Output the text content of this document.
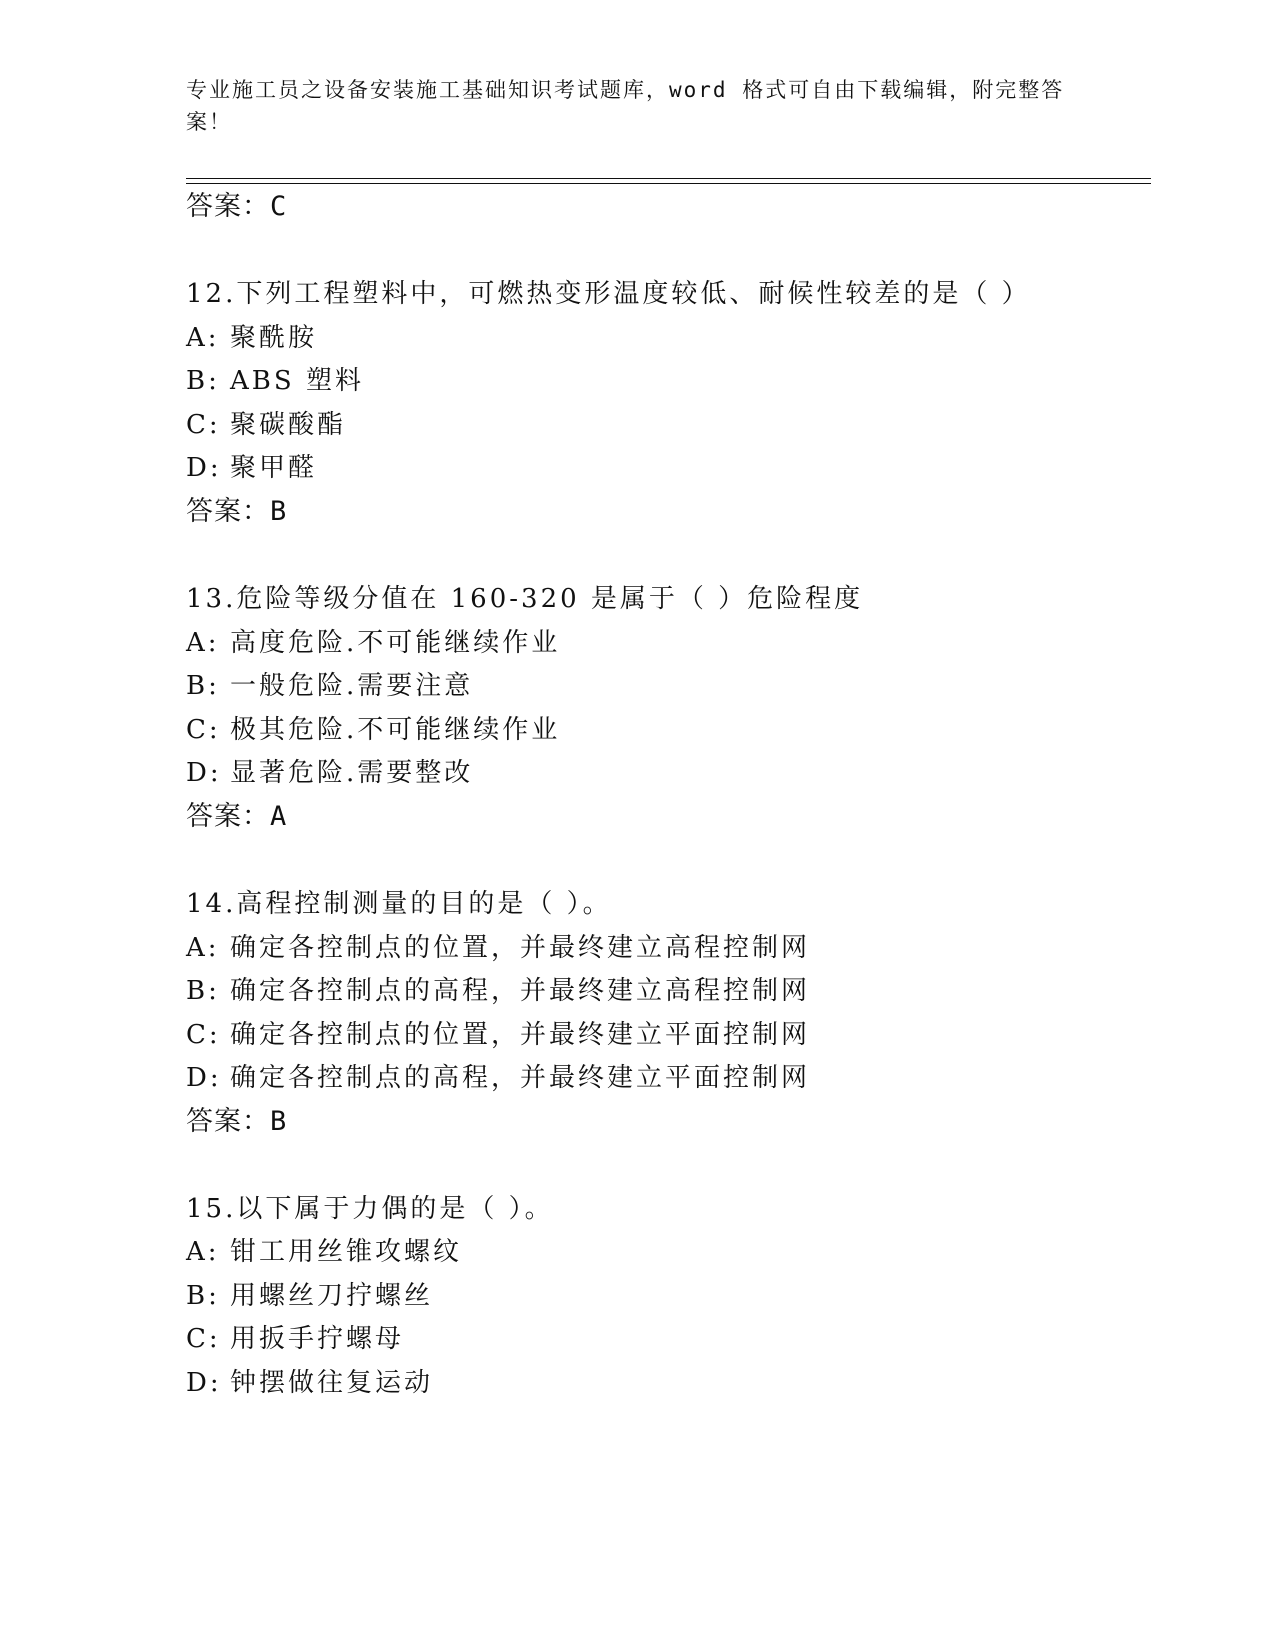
专业施工员之设备安装施工基础知识考试题库，word 格式可自由下载编辑，附完整答案！
答案：C
12.下列工程塑料中，可燃热变形温度较低、耐候性较差的是（ ）
A: 聚酰胺
B: ABS 塑料
C: 聚碳酸酯
D: 聚甲醛
答案：B
13.危险等级分值在 160-320 是属于（ ）危险程度
A: 高度危险.不可能继续作业
B: 一般危险.需要注意
C: 极其危险.不可能继续作业
D: 显著危险.需要整改
答案：A
14.高程控制测量的目的是（ ）。
A: 确定各控制点的位置，并最终建立高程控制网
B: 确定各控制点的高程，并最终建立高程控制网
C: 确定各控制点的位置，并最终建立平面控制网
D: 确定各控制点的高程，并最终建立平面控制网
答案：B
15.以下属于力偶的是（ ）。
A: 钳工用丝锥攻螺纹
B: 用螺丝刀拧螺丝
C: 用扳手拧螺母
D: 钟摆做往复运动
